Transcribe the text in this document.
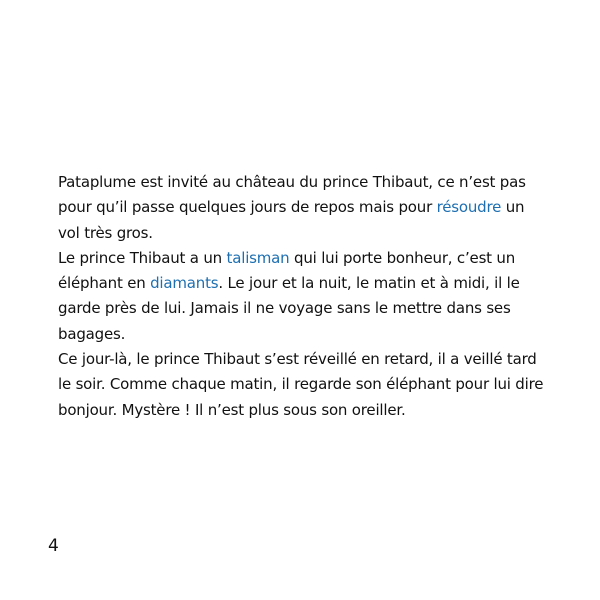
Pataplume est invité au château du prince Thibaut, ce n’est pas pour qu’il passe quelques jours de repos mais pour résoudre un vol très gros.

Le prince Thibaut a un talisman qui lui porte bonheur, c’est un éléphant en diamants. Le jour et la nuit, le matin et à midi, il le garde près de lui. Jamais il ne voyage sans le mettre dans ses bagages.

Ce jour-là, le prince Thibaut s’est réveillé en retard, il a veillé tard le soir. Comme chaque matin, il regarde son éléphant pour lui dire bonjour. Mystère ! Il n’est plus sous son oreiller.

4
